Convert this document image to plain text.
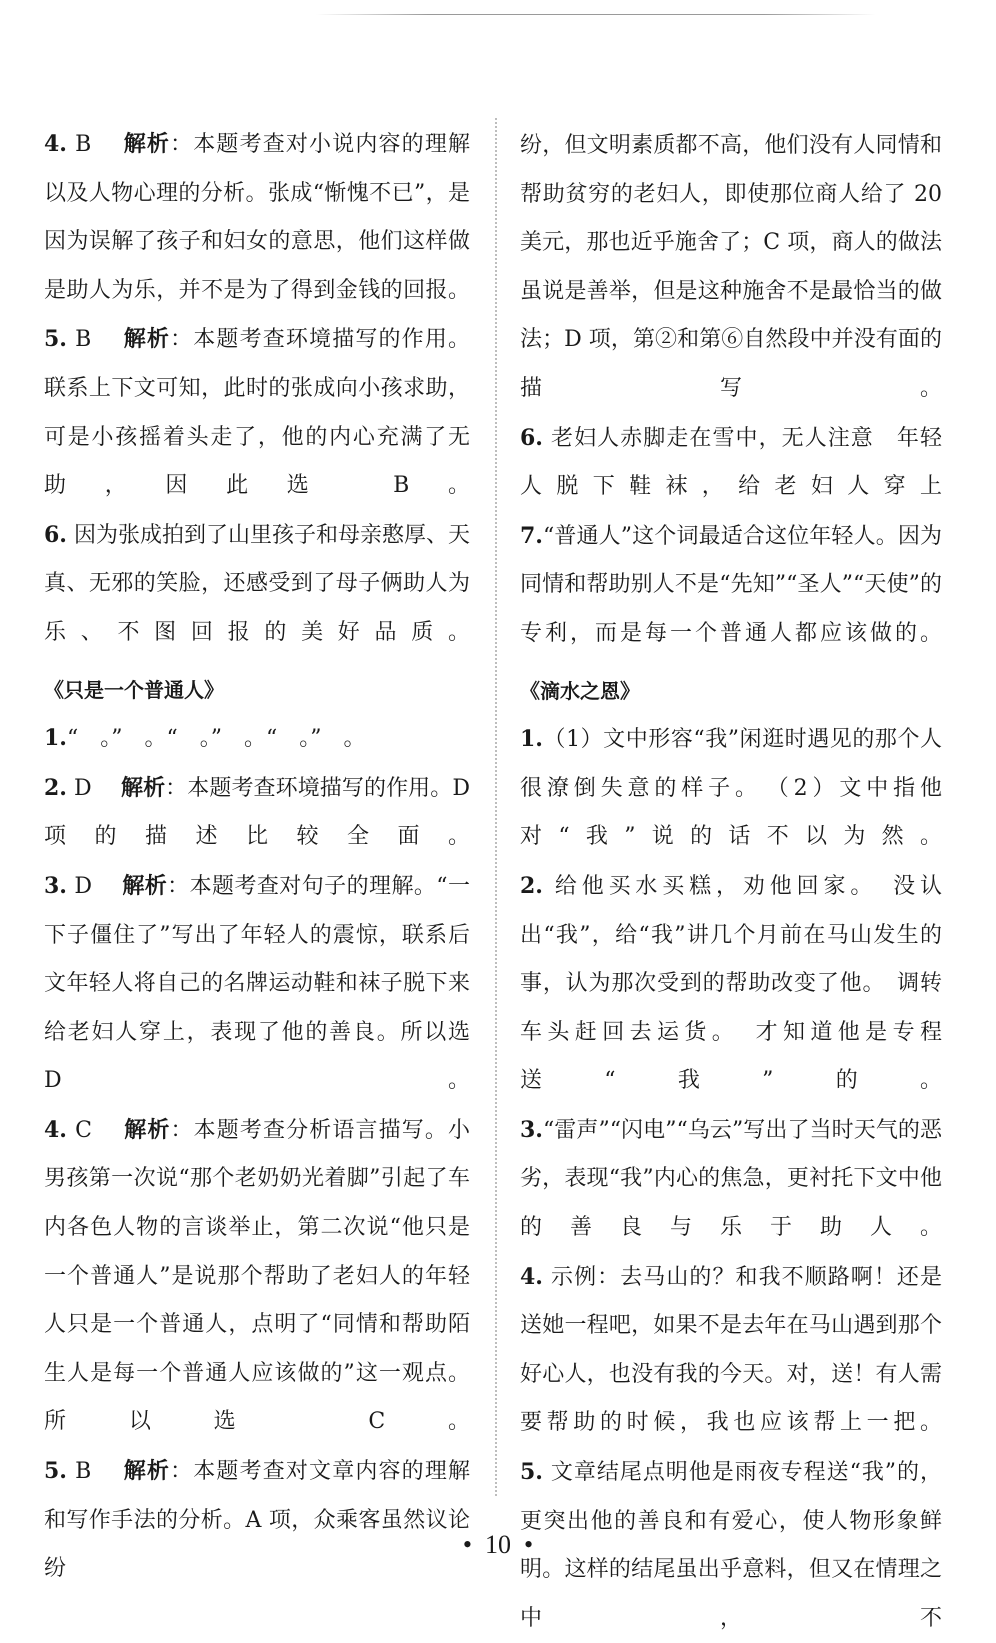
4. B　 解析：本题考查对小说内容的理解以及人物心理的分析。张成“惭愧不已”，是因为误解了孩子和妇女的意思，他们这样做是助人为乐，并不是为了得到金钱的回报。

5. B　 解析：本题考查环境描写的作用。联系上下文可知，此时的张成向小孩求助，可是小孩摇着头走了，他的内心充满了无助，因此选 B。

6. 因为张成拍到了山里孩子和母亲憨厚、天真、无邪的笑脸，还感受到了母子俩助人为乐、不图回报的美好品质。

《只是一个普通人》

1.“　。”　。“　。”　。“　。”　。

2. D　 解析：本题考查环境描写的作用。D 项的描述比较全面。

3. D　 解析：本题考查对句子的理解。“一下子僵住了”写出了年轻人的震惊，联系后文年轻人将自己的名牌运动鞋和袜子脱下来给老妇人穿上，表现了他的善良。所以选 D。

4. C　 解析：本题考查分析语言描写。小男孩第一次说“那个老奶奶光着脚”引起了车内各色人物的言谈举止，第二次说“他只是一个普通人”是说那个帮助了老妇人的年轻人只是一个普通人，点明了“同情和帮助陌生人是每一个普通人应该做的”这一观点。所以选 C。

5. B　 解析：本题考查对文章内容的理解和写作手法的分析。A 项，众乘客虽然议论纷

纷，但文明素质都不高，他们没有人同情和帮助贫穷的老妇人，即使那位商人给了 20 美元，那也近乎施舍了；C 项，商人的做法虽说是善举，但是这种施舍不是最恰当的做法；D 项，第②和第⑥自然段中并没有面的描写。

6. 老妇人赤脚走在雪中，无人注意　年轻人脱下鞋袜，给老妇人穿上

7.“普通人”这个词最适合这位年轻人。因为同情和帮助别人不是“先知”“圣人”“天使”的专利，而是每一个普通人都应该做的。

《滴水之恩》

1.（1）文中形容“我”闲逛时遇见的那个人很潦倒失意的样子。　（2）文中指他对“我”说的话不以为然。

2. 给他买水买糕，劝他回家。　没认出“我”，给“我”讲几个月前在马山发生的事，认为那次受到的帮助改变了他。　调转车头赶回去运货。　才知道他是专程送“我”的。

3.“雷声”“闪电”“乌云”写出了当时天气的恶劣，表现“我”内心的焦急，更衬托下文中他的善良与乐于助人。

4. 示例：去马山的？和我不顺路啊！还是送她一程吧，如果不是去年在马山遇到那个好心人，也没有我的今天。对，送！有人需要帮助的时候，我也应该帮上一把。

5. 文章结尾点明他是雨夜专程送“我”的，更突出他的善良和有爱心，使人物形象鲜明。这样的结尾虽出乎意料，但又在情理之中，不

•  10  •
